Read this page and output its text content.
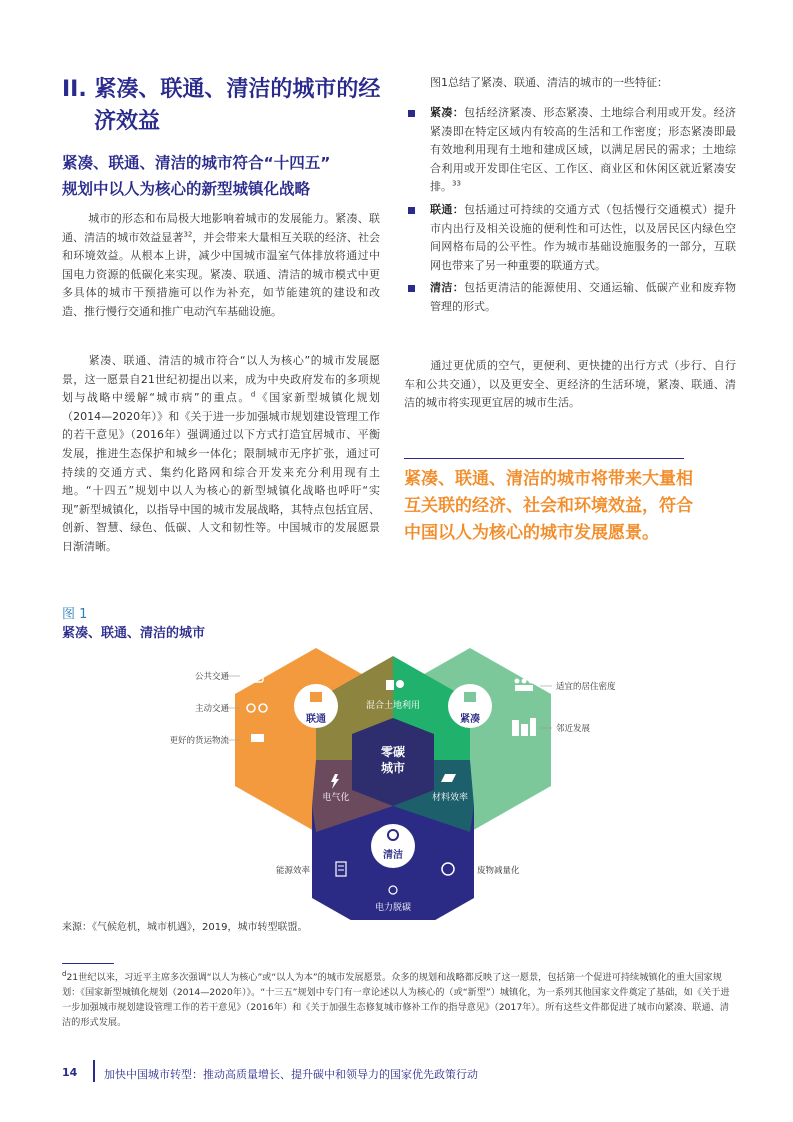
II. 紧凑、联通、清洁的城市的经
济效益
紧凑、联通、清洁的城市符合“十四五”
规划中以人为核心的新型城镇化战略
城市的形态和布局极大地影响着城市的发展能力。紧凑、联通、清洁的城市效益显著$^{32}$，并会带来大量相互关联的经济、社会和环境效益。从根本上讲，减少中国城市温室气体排放将通过中国电力资源的低碳化来实现。紧凑、联通、清洁的城市模式中更多具体的城市干预措施可以作为补充，如节能建筑的建设和改造、推行慢行交通和推广电动汽车基础设施。
紧凑、联通、清洁的城市符合“以人为核心”的城市发展愿景，这一愿景自21世纪初提出以来，成为中央政府发布的多项规划与战略中缓解“城市病”的重点。$^d$《国家新型城镇化规划（2014—2020年）》和《关于进一步加强城市规划建设管理工作的若干意见》（2016年）强调通过以下方式打造宜居城市、平衡发展，推进生态保护和城乡一体化；限制城市无序扩张，通过可持续的交通方式、集约化路网和综合开发来充分利用现有土地。“十四五”规划中以人为核心的新型城镇化战略也呼吁“实现”新型城镇化，以指导中国的城市发展战略，其特点包括宜居、创新、智慧、绿色、低碳、人文和韧性等。中国城市的发展愿景日渐清晰。
图1总结了紧凑、联通、清洁的城市的一些特征：
紧凑：包括经济紧凑、形态紧凑、土地综合利用或开发。经济紧凑即在特定区域内有较高的生活和工作密度；形态紧凑即最有效地利用现有土地和建成区域，以满足居民的需求；土地综合利用或开发即住宅区、工作区、商业区和休闲区就近紧凑安排。$^{33}$
联通：包括通过可持续的交通方式（包括慢行交通模式）提升市内出行及相关设施的便利性和可达性，以及居民区内绿色空间网格布局的公平性。作为城市基础设施服务的一部分，互联网也带来了另一种重要的联通方式。
清洁：包括更清洁的能源使用、交通运输、低碳产业和废弃物管理的形式。
通过更优质的空气，更便利、更快捷的出行方式（步行、自行车和公共交通），以及更安全、更经济的生活环境，紧凑、联通、清洁的城市将实现更宜居的城市生活。
紧凑、联通、清洁的城市将带来大量相互关联的经济、社会和环境效益，符合中国以人为核心的城市发展愿景。
图 1
紧凑、联通、清洁的城市
联通	紧凑
清洁
零碳
城市
混合土地利用
电气化	材料效率
公共交通
主动交通
更好的货运物流
适宜的居住密度
邻近发展
能源效率	废物减量化
电力脱碳
来源：《气候危机，城市机遇》，2019，城市转型联盟。
$^d$21世纪以来，习近平主席多次强调“以人为核心”或“以人为本”的城市发展愿景。众多的规划和战略都反映了这一愿景，包括第一个促进可持续城镇化的重大国家规划：《国家新型城镇化规划（2014—2020年）》。“十三五”规划中专门有一章论述以人为核心的（或“新型”）城镇化，为一系列其他国家文件奠定了基础，如《关于进一步加强城市规划建设管理工作的若干意见》（2016年）和《关于加强生态修复城市修补工作的指导意见》（2017年）。所有这些文件都促进了城市向紧凑、联通、清洁的形式发展。
14 加快中国城市转型：推动高质量增长、提升碳中和领导力的国家优先政策行动
